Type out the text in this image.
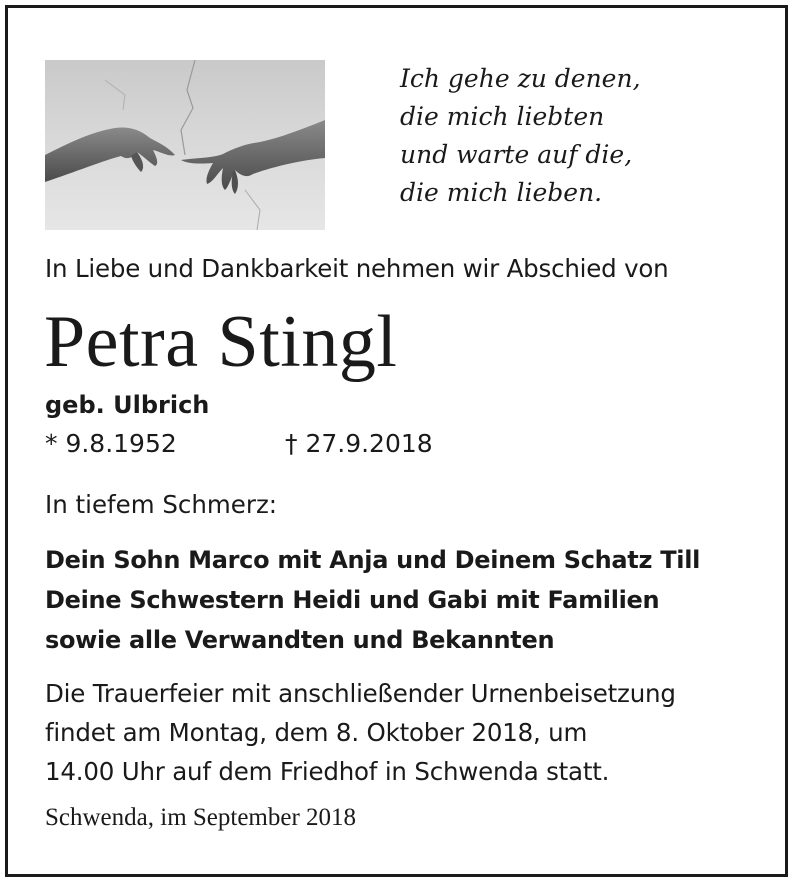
Ich gehe zu denen,
die mich liebten
und warte auf die,
die mich lieben.
In Liebe und Dankbarkeit nehmen wir Abschied von
Petra Stingl
geb. Ulbrich
* 9.8.1952	† 27.9.2018
In tiefem Schmerz:
Dein Sohn Marco mit Anja und Deinem Schatz Till
Deine Schwestern Heidi und Gabi mit Familien
sowie alle Verwandten und Bekannten
Die Trauerfeier mit anschließender Urnenbeisetzung
findet am Montag, dem 8. Oktober 2018, um
14.00 Uhr auf dem Friedhof in Schwenda statt.
Schwenda, im September 2018
